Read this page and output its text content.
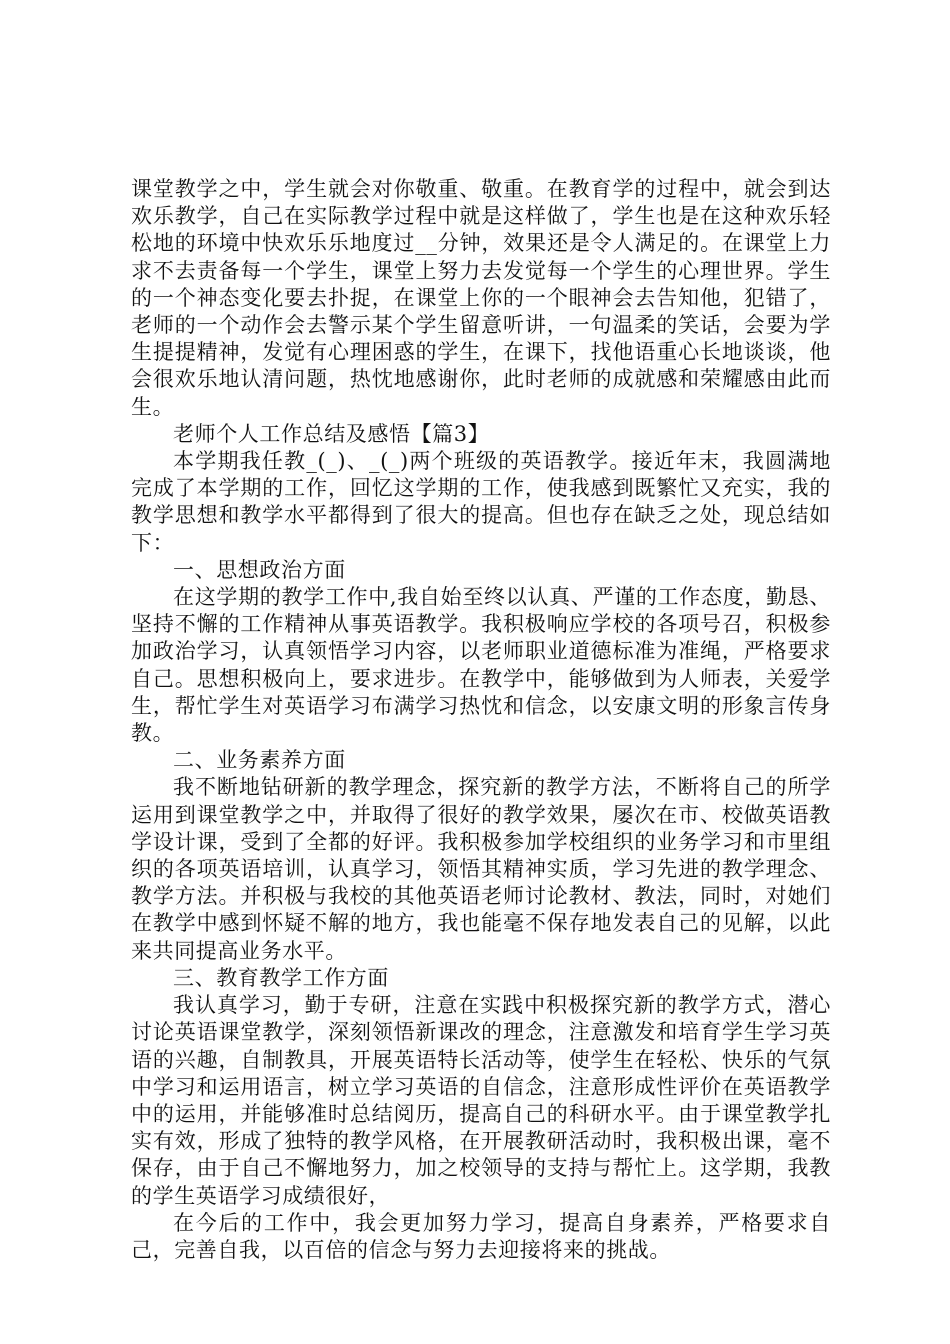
课堂教学之中，学生就会对你敬重、敬重。在教育学的过程中，就会到达欢乐教学，自己在实际教学过程中就是这样做了，学生也是在这种欢乐轻松地的环境中快欢乐乐地度过__分钟，效果还是令人满足的。在课堂上力求不去责备每一个学生，课堂上努力去发觉每一个学生的心理世界。学生的一个神态变化要去扑捉，在课堂上你的一个眼神会去告知他，犯错了，老师的一个动作会去警示某个学生留意听讲，一句温柔的笑话，会要为学生提提精神，发觉有心理困惑的学生，在课下，找他语重心长地谈谈，他会很欢乐地认清问题，热忱地感谢你，此时老师的成就感和荣耀感由此而生。

老师个人工作总结及感悟【篇3】

本学期我任教_(_)、_(_)两个班级的英语教学。接近年末，我圆满地完成了本学期的工作，回忆这学期的工作，使我感到既繁忙又充实，我的教学思想和教学水平都得到了很大的提高。但也存在缺乏之处，现总结如下：

一、思想政治方面

在这学期的教学工作中,我自始至终以认真、严谨的工作态度，勤恳、坚持不懈的工作精神从事英语教学。我积极响应学校的各项号召，积极参加政治学习，认真领悟学习内容，以老师职业道德标准为准绳，严格要求自己。思想积极向上，要求进步。在教学中，能够做到为人师表，关爱学生，帮忙学生对英语学习布满学习热忱和信念，以安康文明的形象言传身教。

二、业务素养方面

我不断地钻研新的教学理念，探究新的教学方法，不断将自己的所学运用到课堂教学之中，并取得了很好的教学效果，屡次在市、校做英语教学设计课，受到了全都的好评。我积极参加学校组织的业务学习和市里组织的各项英语培训，认真学习，领悟其精神实质，学习先进的教学理念、教学方法。并积极与我校的其他英语老师讨论教材、教法，同时，对她们在教学中感到怀疑不解的地方，我也能毫不保存地发表自己的见解，以此来共同提高业务水平。

三、教育教学工作方面

我认真学习，勤于专研，注意在实践中积极探究新的教学方式，潜心讨论英语课堂教学，深刻领悟新课改的理念，注意激发和培育学生学习英语的兴趣，自制教具，开展英语特长活动等，使学生在轻松、快乐的气氛中学习和运用语言，树立学习英语的自信念，注意形成性评价在英语教学中的运用，并能够准时总结阅历，提高自己的科研水平。由于课堂教学扎实有效，形成了独特的教学风格，在开展教研活动时，我积极出课，毫不保存，由于自己不懈地努力，加之校领导的支持与帮忙上。这学期，我教的学生英语学习成绩很好，

在今后的工作中，我会更加努力学习，提高自身素养，严格要求自己，完善自我，以百倍的信念与努力去迎接将来的挑战。
